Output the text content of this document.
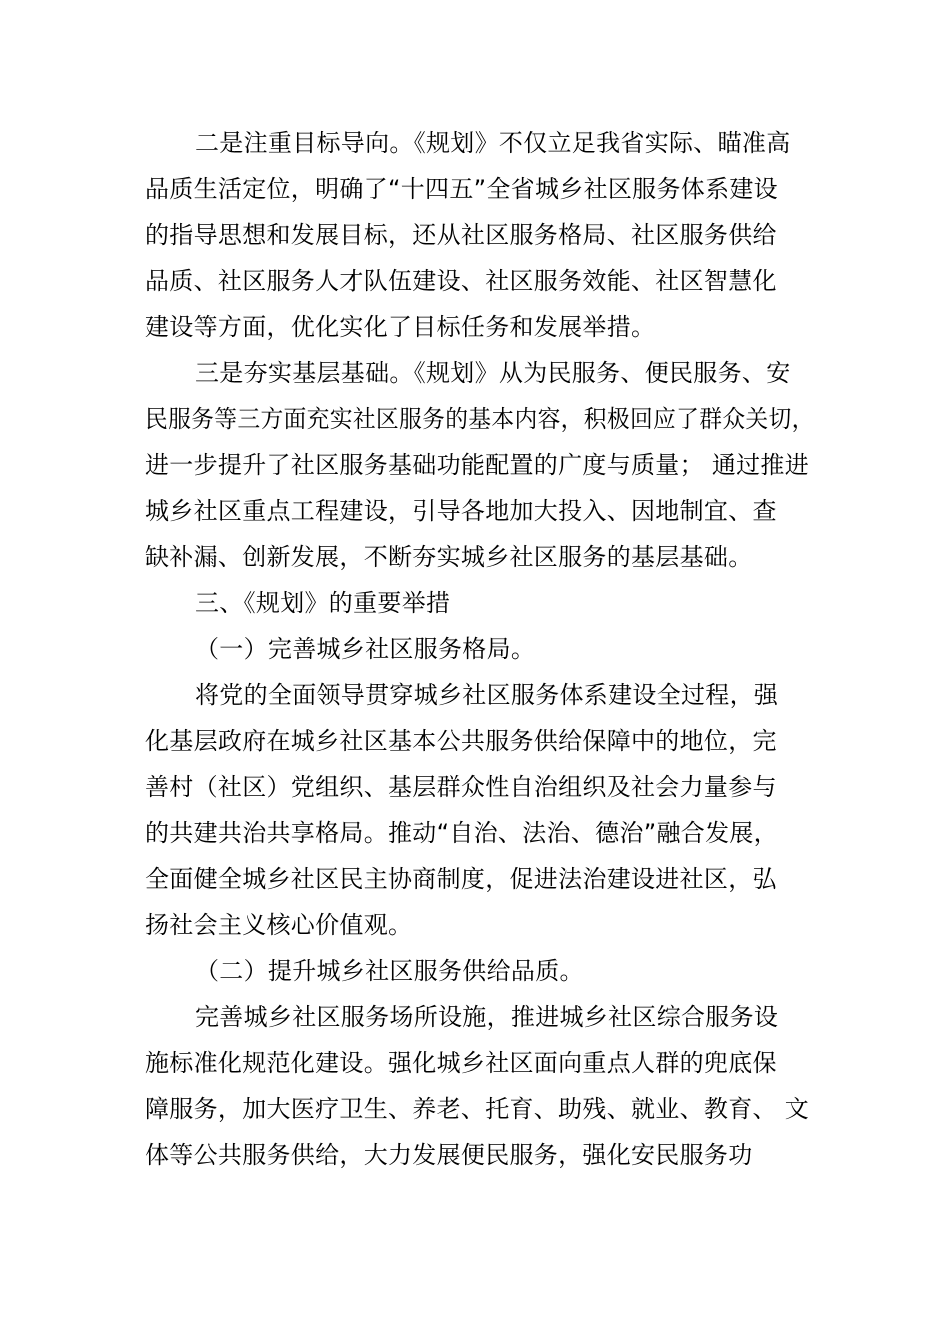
二是注重目标导向。《规划》不仅立足我省实际、瞄准高
品质生活定位，明确了“十四五”全省城乡社区服务体系建设
的指导思想和发展目标，还从社区服务格局、社区服务供给
品质、社区服务人才队伍建设、社区服务效能、社区智慧化
建设等方面，优化实化了目标任务和发展举措。
三是夯实基层基础。《规划》从为民服务、便民服务、安
民服务等三方面充实社区服务的基本内容，积极回应了群众关切，
进一步提升了社区服务基础功能配置的广度与质量； 通过推进
城乡社区重点工程建设，引导各地加大投入、因地制宜、查
缺补漏、创新发展，不断夯实城乡社区服务的基层基础。
三、《规划》的重要举措
（一）完善城乡社区服务格局。
将党的全面领导贯穿城乡社区服务体系建设全过程，强
化基层政府在城乡社区基本公共服务供给保障中的地位，完
善村（社区）党组织、基层群众性自治组织及社会力量参与
的共建共治共享格局。推动“自治、法治、德治”融合发展，
全面健全城乡社区民主协商制度，促进法治建设进社区，弘
扬社会主义核心价值观。
（二）提升城乡社区服务供给品质。
完善城乡社区服务场所设施，推进城乡社区综合服务设
施标准化规范化建设。强化城乡社区面向重点人群的兜底保
障服务，加大医疗卫生、养老、托育、助残、就业、教育、 文
体等公共服务供给，大力发展便民服务，强化安民服务功
